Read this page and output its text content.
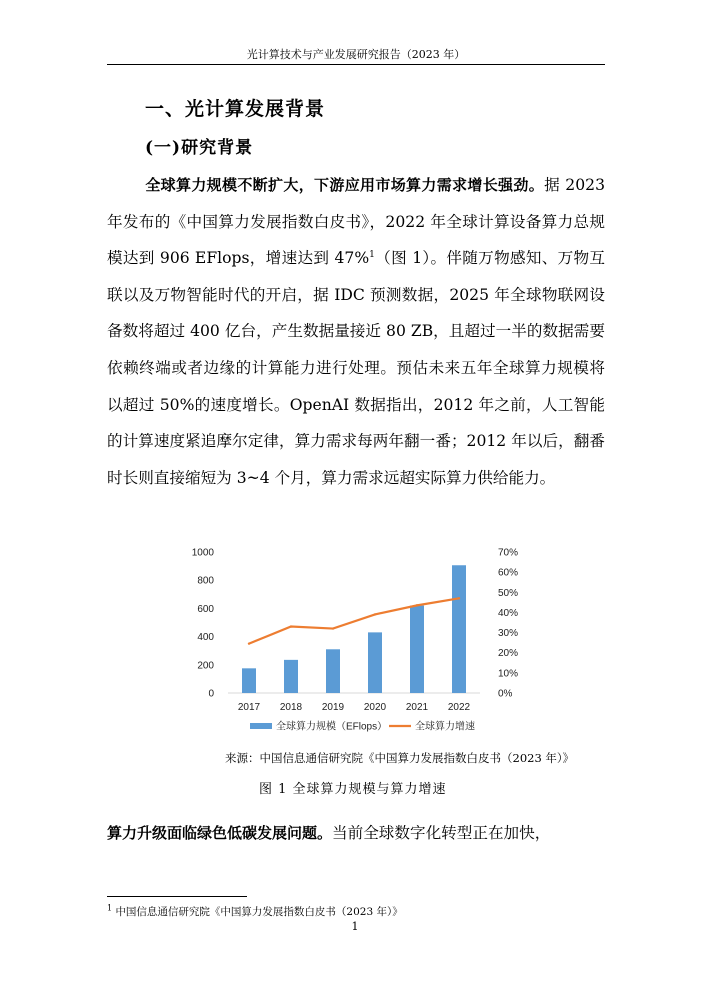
光计算技术与产业发展研究报告（2023 年）
一、光计算发展背景
(一)研究背景

全球算力规模不断扩大，下游应用市场算力需求增长强劲。据 2023 年发布的《中国算力发展指数白皮书》，2022 年全球计算设备算力总规模达到 906 EFlops，增速达到 47%$^1$（图 1）。伴随万物感知、万物互联以及万物智能时代的开启，据 IDC 预测数据，2025 年全球物联网设备数将超过 400 亿台，产生数据量接近 80 ZB，且超过一半的数据需要依赖终端或者边缘的计算能力进行处理。预估未来五年全球算力规模将以超过 50%的速度增长。OpenAI 数据指出，2012 年之前，人工智能的计算速度紧追摩尔定律，算力需求每两年翻一番；2012 年以后，翻番时长则直接缩短为 3~4 个月，算力需求远超实际算力供给能力。

0
200
400
600
800
1000
0%
10%
20%
30%
40%
50%
60%
70%
2017 2018 2019 2020 2021 2022
全球算力规模（EFlops）	全球算力增速
来源：中国信息通信研究院《中国算力发展指数白皮书（2023 年）》
图 1 全球算力规模与算力增速

算力升级面临绿色低碳发展问题。当前全球数字化转型正在加快，

$^1$ 中国信息通信研究院《中国算力发展指数白皮书（2023 年）》
1
